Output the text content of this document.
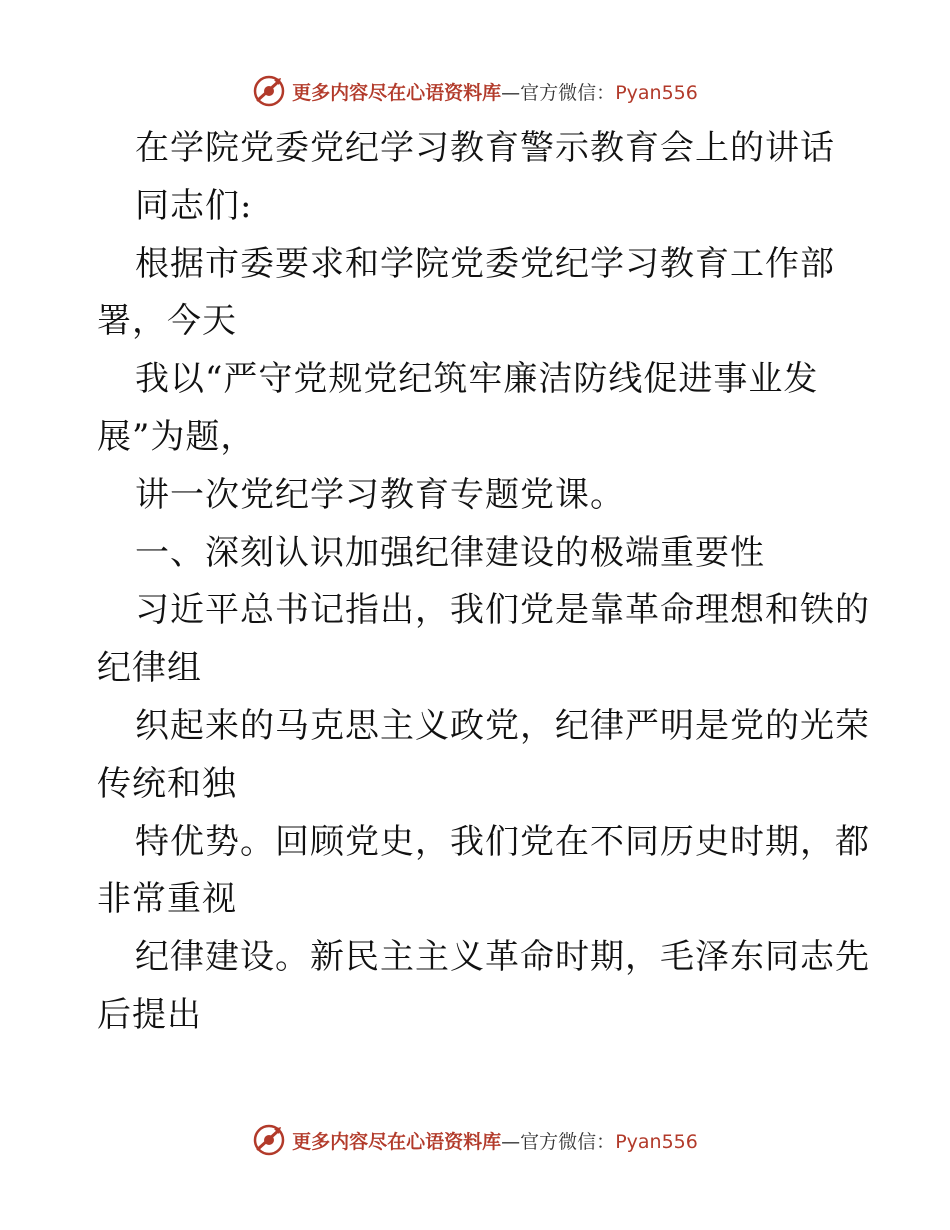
更多内容尽在心语资料库—官方微信：Pyan556
在学院党委党纪学习教育警示教育会上的讲话
同志们:
根据市委要求和学院党委党纪学习教育工作部
署，今天
我以“严守党规党纪筑牢廉洁防线促进事业发
展”为题，
讲一次党纪学习教育专题党课。
一、深刻认识加强纪律建设的极端重要性
习近平总书记指出，我们党是靠革命理想和铁的
纪律组
织起来的马克思主义政党，纪律严明是党的光荣
传统和独
特优势。回顾党史，我们党在不同历史时期，都
非常重视
纪律建设。新民主主义革命时期，毛泽东同志先
后提出
更多内容尽在心语资料库—官方微信：Pyan556
